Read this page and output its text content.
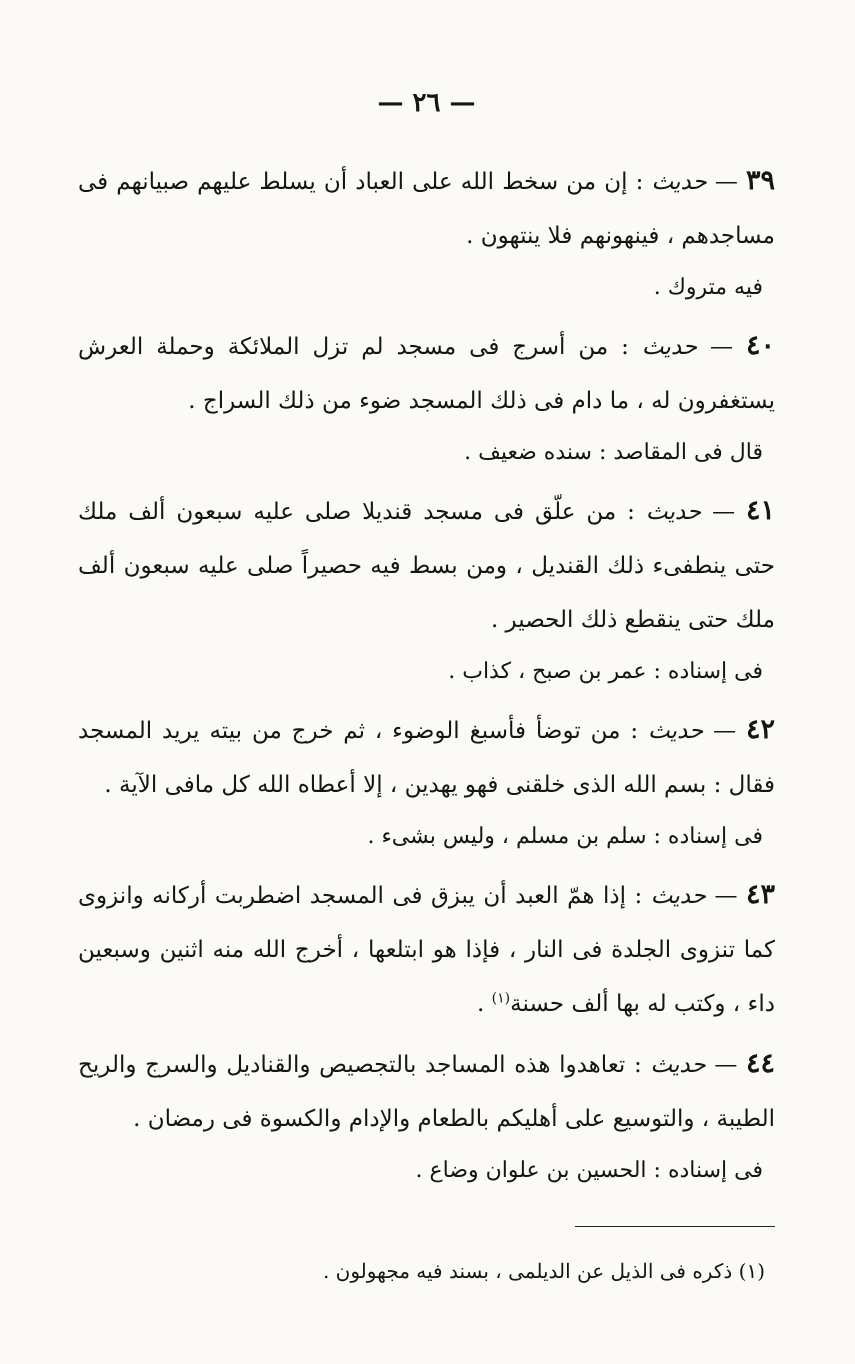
— ٢٦ —
٣٩ — حديث : إن من سخط الله على العباد أن يسلط عليهم صبيانهم فى مساجدهم ، فينهونهم فلا ينتهون .
فيه متروك .
٤٠ — حديث : من أسرج فى مسجد لم تزل الملائكة وحملة العرش يستغفرون له ، ما دام فى ذلك المسجد ضوء من ذلك السراج .
قال فى المقاصد : سنده ضعيف .
٤١ — حديث : من علّق فى مسجد قنديلا صلى عليه سبعون ألف ملك حتى ينطفىء ذلك القنديل ، ومن بسط فيه حصيراً صلى عليه سبعون ألف ملك حتى ينقطع ذلك الحصير .
فى إسناده : عمر بن صبح ، كذاب .
٤٢ — حديث : من توضأ فأسبغ الوضوء ، ثم خرج من بيته يريد المسجد فقال : بسم الله الذى خلقنى فهو يهدين ، إلا أعطاه الله كل مافى الآية .
فى إسناده : سلم بن مسلم ، وليس بشىء .
٤٣ — حديث : إذا همّ العبد أن يبزق فى المسجد اضطربت أركانه وانزوى كما تنزوى الجلدة فى النار ، فإذا هو ابتلعها ، أخرج الله منه اثنين وسبعين داء ، وكتب له بها ألف حسنة$^{(١)}$ .
٤٤ — حديث : تعاهدوا هذه المساجد بالتجصيص والقناديل والسرج والريح الطيبة ، والتوسيع على أهليكم بالطعام والإدام والكسوة فى رمضان .
فى إسناده : الحسين بن علوان وضاع .
(١) ذكره فى الذيل عن الديلمى ، بسند فيه مجهولون .
